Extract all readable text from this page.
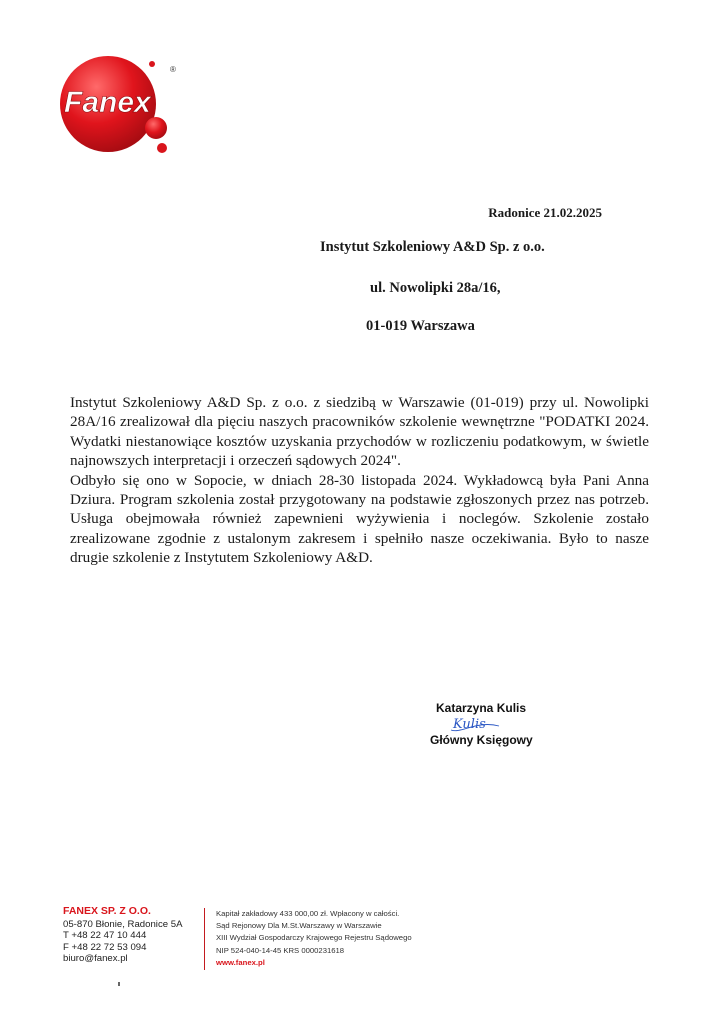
Fanex
®
Radonice 21.02.2025
Instytut Szkoleniowy A&D Sp. z o.o.
ul. Nowolipki 28a/16,
01-019 Warszawa

Instytut Szkoleniowy A&D Sp. z o.o. z siedzibą w Warszawie (01-019) przy ul. Nowolipki 28A/16 zrealizował dla pięciu naszych pracowników szkolenie wewnętrzne "PODATKI 2024. Wydatki niestanowiące kosztów uzyskania przychodów w rozliczeniu podatkowym, w świetle najnowszych interpretacji i orzeczeń sądowych 2024".

Odbyło się ono w Sopocie, w dniach 28-30 listopada 2024. Wykładowcą była Pani Anna Dziura. Program szkolenia został przygotowany na podstawie zgłoszonych przez nas potrzeb. Usługa obejmowała również zapewnieni wyżywienia i noclegów. Szkolenie zostało zrealizowane zgodnie z ustalonym zakresem i spełniło nasze oczekiwania. Było to nasze drugie szkolenie z Instytutem Szkoleniowy A&D.

Katarzyna Kulis
Kulis
Główny Księgowy
FANEX SP. Z O.O.
05-870 Błonie, Radonice 5A
T +48 22 47 10 444
F +48 22 72 53 094
biuro@fanex.pl
Kapitał zakładowy 433 000,00 zł. Wpłacony w całości.
Sąd Rejonowy Dla M.St.Warszawy w Warszawie
XIII Wydział Gospodarczy Krajowego Rejestru Sądowego
NIP 524-040-14-45 KRS 0000231618
www.fanex.pl
